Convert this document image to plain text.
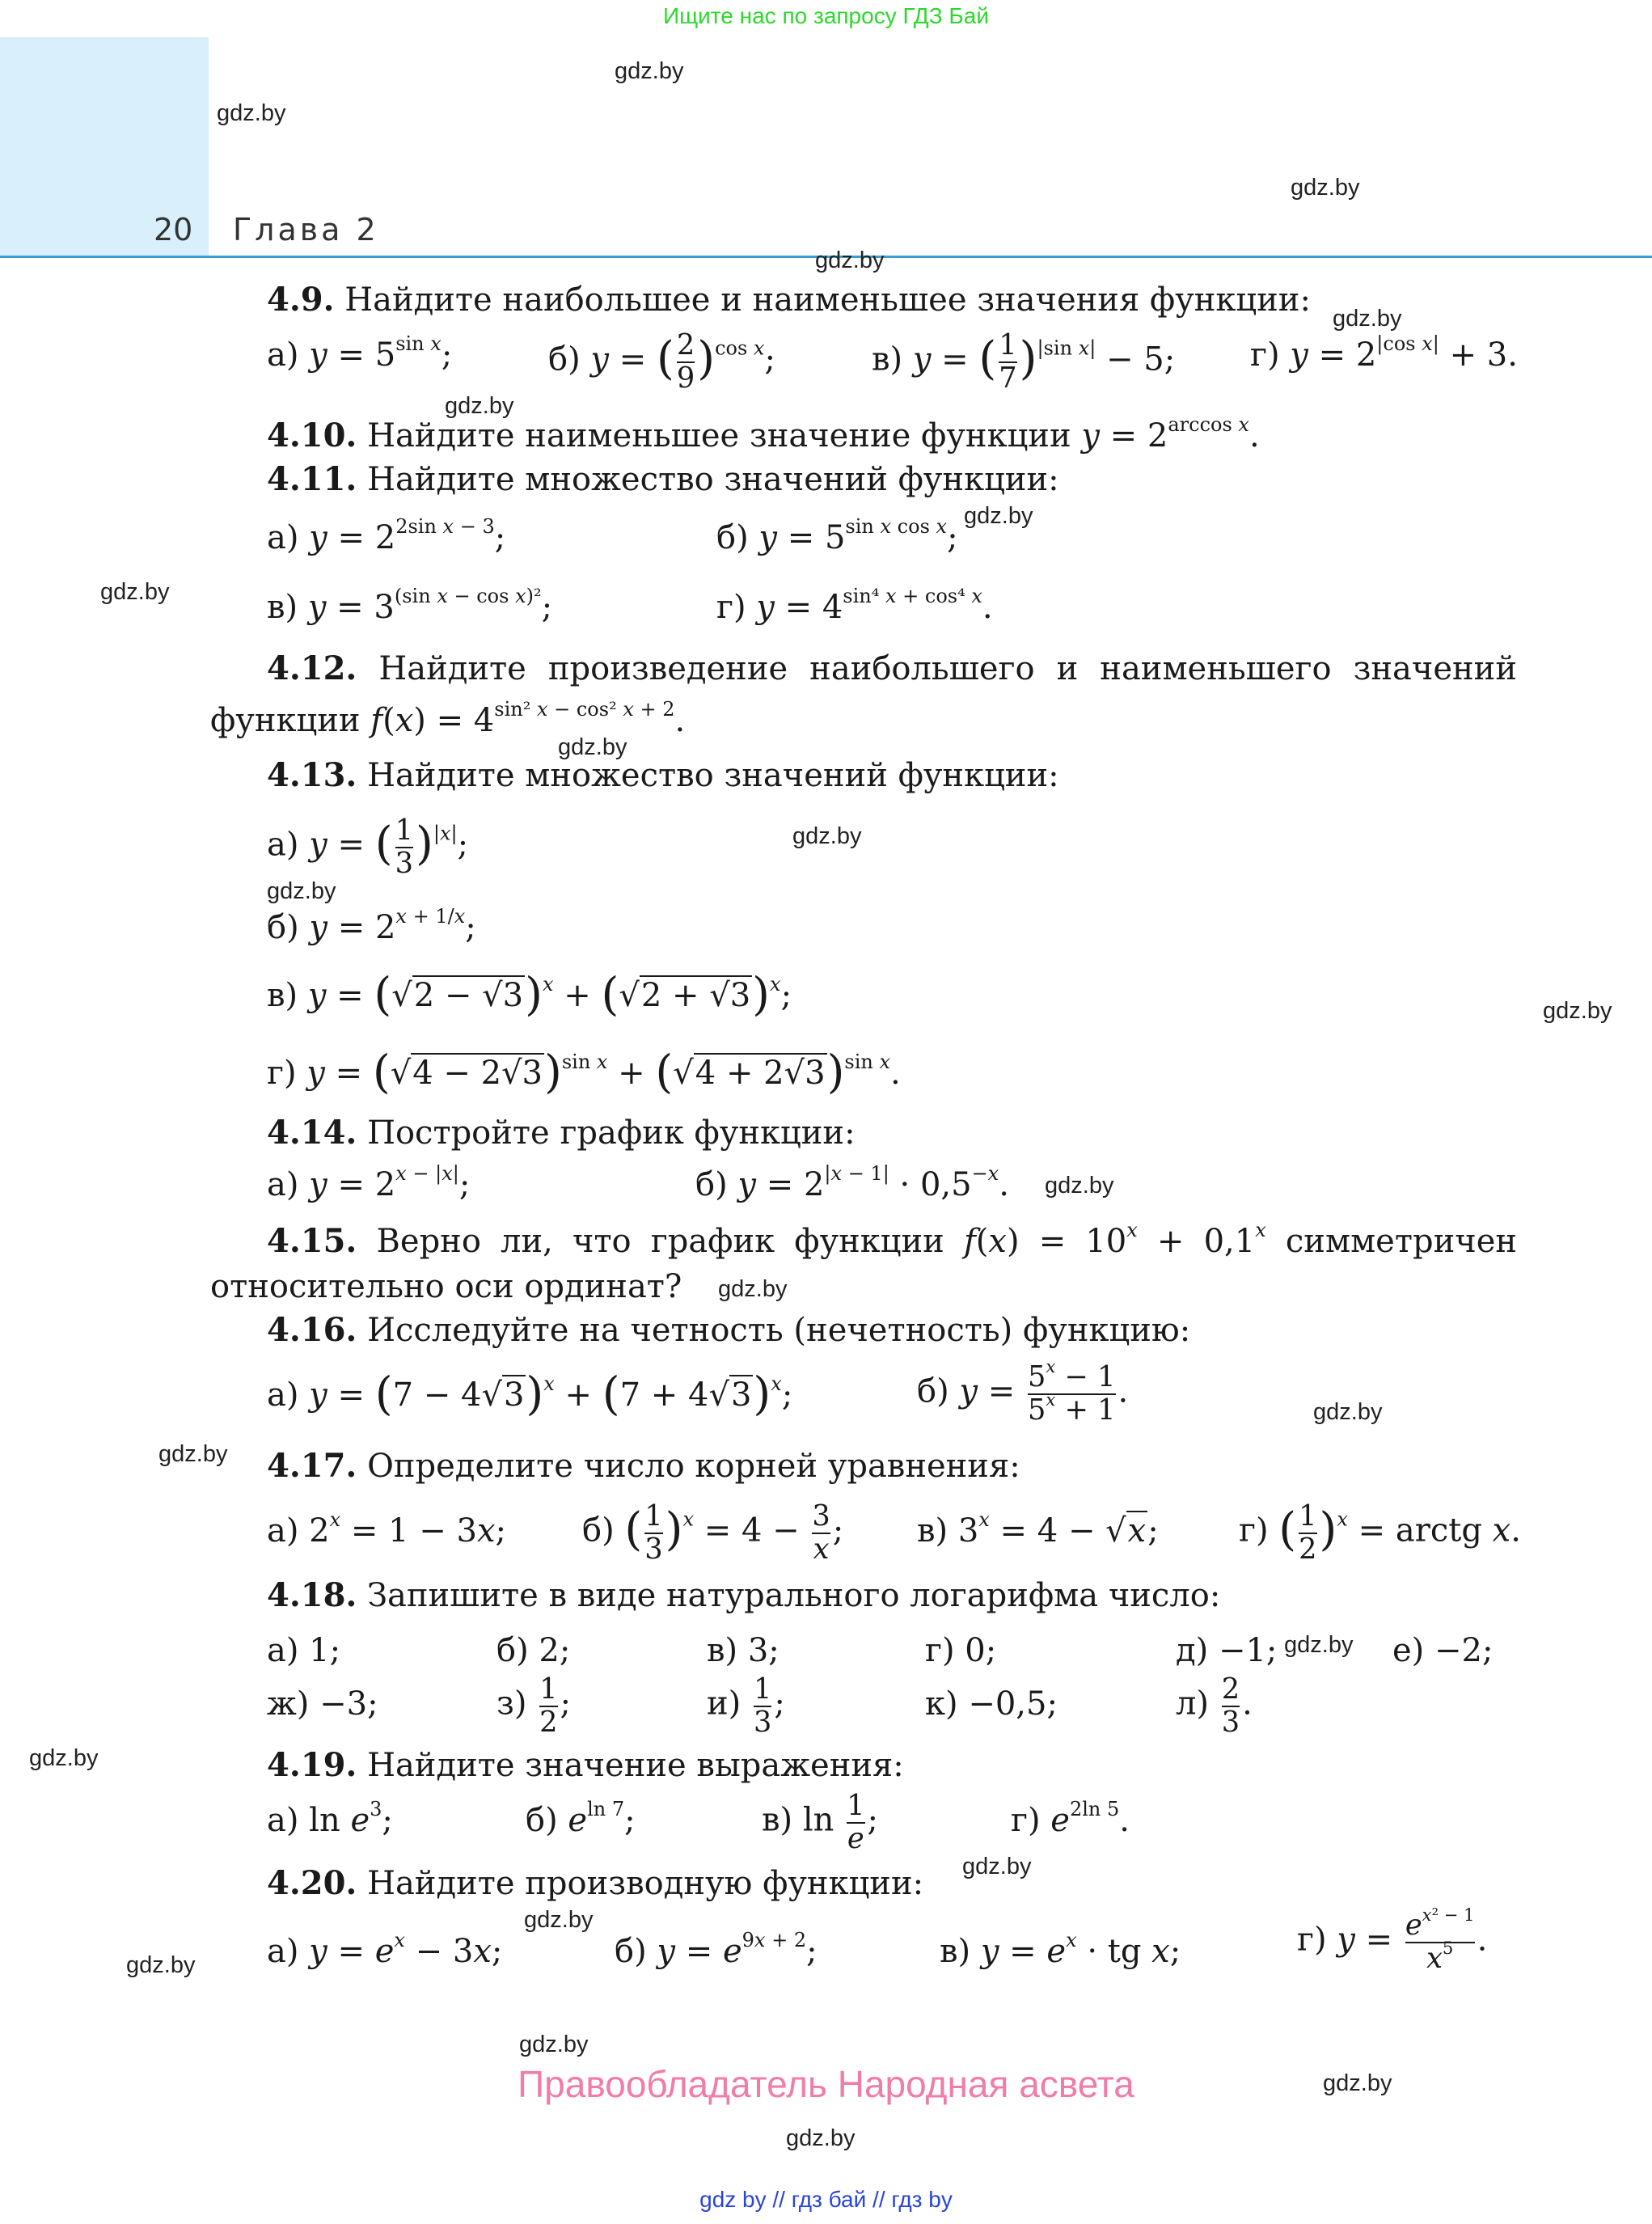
Ищите нас по запросу ГДЗ Бай
20 Глава 2
gdz.by
gdz.by
gdz.by
gdz.by
gdz.by
gdz.by
gdz.by
gdz.by
gdz.by
gdz.by
gdz.by
gdz.by
gdz.by
gdz.by
gdz.by
gdz.by
gdz.by
gdz.by
gdz.by
gdz.by
gdz.by
gdz.by
gdz.by
gdz.by
4.9. Найдите наибольшее и наименьшее значения функции:
а) $y = 5^{sin x}$;	б) y = ( $\frac{2}{9} )^{cos x}$;	в) y = ( $\frac{1}{7} )^{|sin x|} - 5$; г) $y = 2^{|cos x|} + 3$.
4.10. Найдите наименьшее значение функции $y = 2^{arccos x}$.
4.11. Найдите множество значений функции:
а) $y = 2^{2sin x - 3}$;	б) $y = 5^{sin x cos x}$;
в) $y = 3^{(sin x - cos x)^2}$;	г) $y = 4^{sin^4 x + cos^4 x}$.
4.12. Найдите произведение наибольшего и наименьшего значений
функции $f(x) = 4^{sin^2 x - cos^2 x + 2}$.
4.13. Найдите множество значений функции:
а) y = ( $\frac{1}{3} )^{|x|}$;
б) $y = 2^{x + 1/x}$;
в) $y = (√2 - √3)^x + (√2 + √3)^x$;
г) $y = (√4 - 2√3)^{sin x} + (√4 + 2√3)^{sin x}$.
4.14. Постройте график функции:
а) $y = 2^{x - |x|}$;	б) $y = 2^{|x - 1|} \cdot 0,5^{-x}$.
4.15. Верно ли, что график функции $f(x) = 10^x + 0,1^x$ симметричен
относительно оси ординат?
4.16. Исследуйте на четность (нечетность) функцию:
а) $y = (7 - 4√3)^x + (7 + 4√3)^x$;	б) $y = \frac{5^x - 1}{5^x + 1}$ .
4.17. Определите число корней уравнения:
а) $2^x = 1 - 3x$; б) ( $\frac{1}{3} )^x = 4 - \frac{3}{x}$ ; в) $3^x = 4 - √x$; г) ( $\frac{1}{2} )^x$ = arctg x.
4.18. Запишите в виде натурального логарифма число:
а) 1;	б) 2;	в) 3;	г) 0;	д) −1;	е) −2;
ж) −3;	$з) \frac{1}{2}$ ;	$и) \frac{1}{3}$ ;	к) −0,5;	$л) \frac{2}{3}$ .
4.19. Найдите значение выражения:
а) $\ln e^3$;	б) $e^{ln 7}$;	в) $\ln \frac{1}{e}$ ;	г) $e^{2ln 5}$.
4.20. Найдите производную функции:
а) $y = e^x - 3x$;	б) $y = e^{9x + 2}$;	в) $y = e^x$ · tg x;	г) $y = \frac{e^{x^2 - 1}}{x^5}$ .
Правообладатель Народная асвета
gdz by // гдз бай // гдз by
